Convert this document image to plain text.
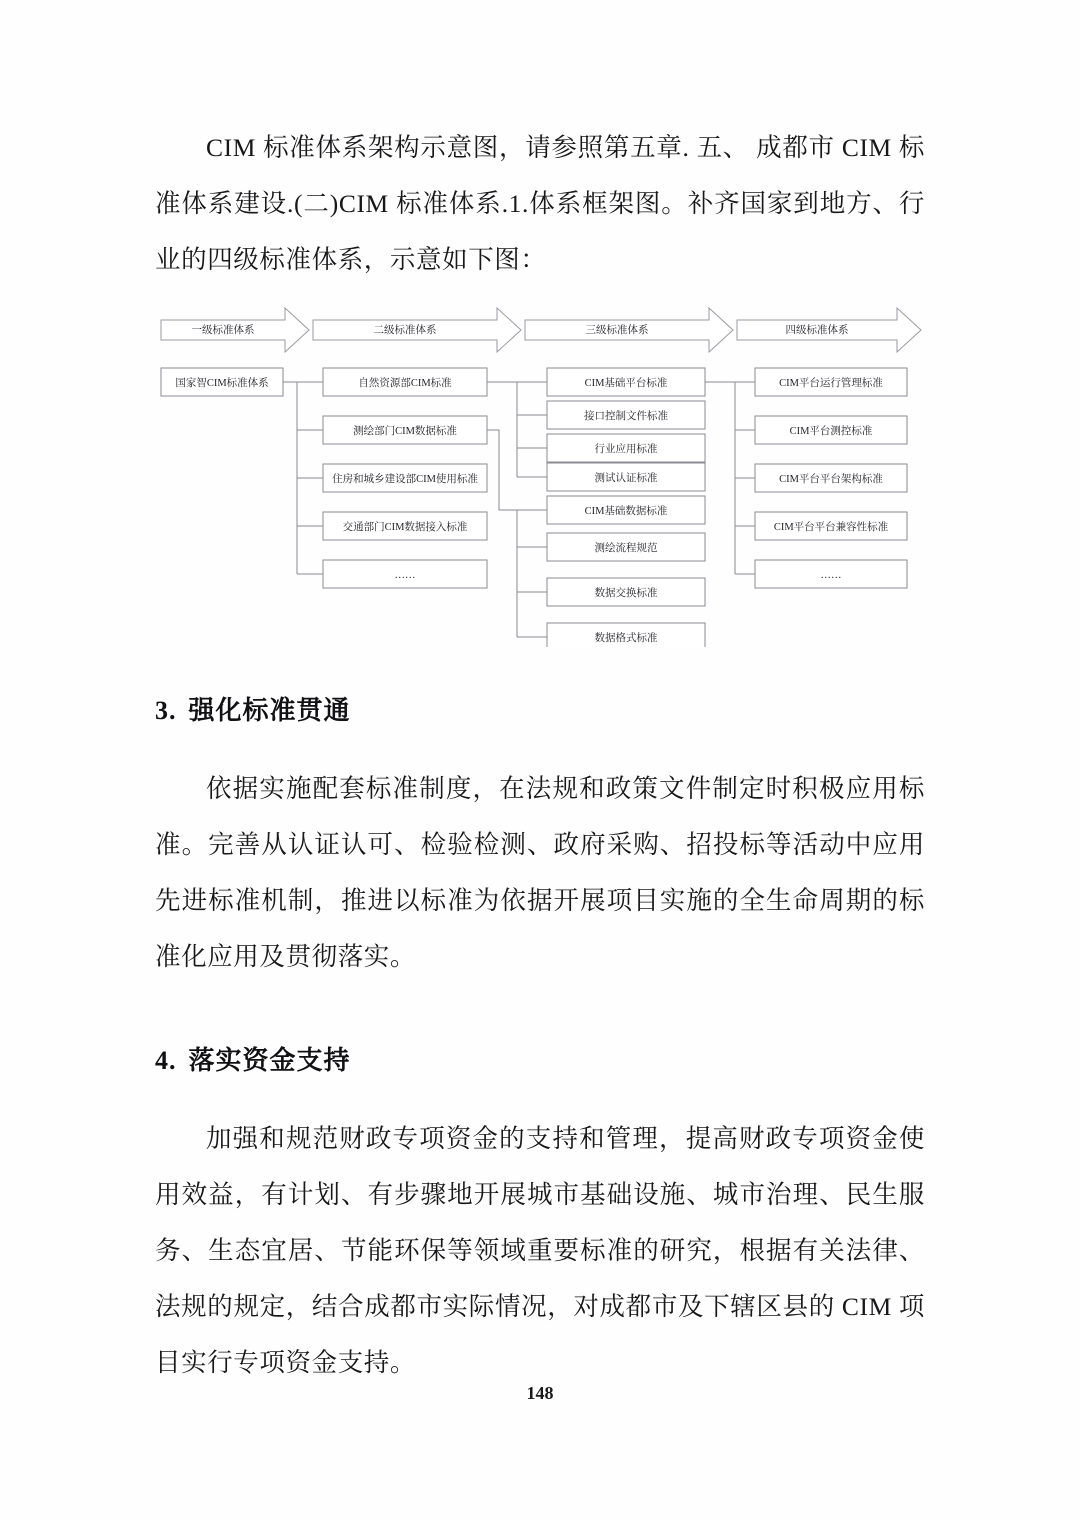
CIM 标准体系架构示意图，请参照第五章. 五、 成都市 CIM 标准体系建设.(二)CIM 标准体系.1.体系框架图。补齐国家到地方、行业的四级标准体系，示意如下图：

一级标准体系	二级标准体系	三级标准体系	四级标准体系
国家智CIM标准体系	自然资源部CIM标准
测绘部门CIM数据标准
住房和城乡建设部CIM使用标准
交通部门CIM数据接入标准
……
CIM基础平台标准
接口控制文件标准
行业应用标准
测试认证标准
CIM基础数据标准
测绘流程规范
数据交换标准
数据格式标准
CIM平台运行管理标准
CIM平台测控标准
CIM平台平台架构标准
CIM平台平台兼容性标准
……
3. 强化标准贯通

依据实施配套标准制度，在法规和政策文件制定时积极应用标准。完善从认证认可、检验检测、政府采购、招投标等活动中应用先进标准机制，推进以标准为依据开展项目实施的全生命周期的标准化应用及贯彻落实。

4. 落实资金支持

加强和规范财政专项资金的支持和管理，提高财政专项资金使用效益，有计划、有步骤地开展城市基础设施、城市治理、民生服务、生态宜居、节能环保等领域重要标准的研究，根据有关法律、法规的规定，结合成都市实际情况，对成都市及下辖区县的 CIM 项目实行专项资金支持。

148
